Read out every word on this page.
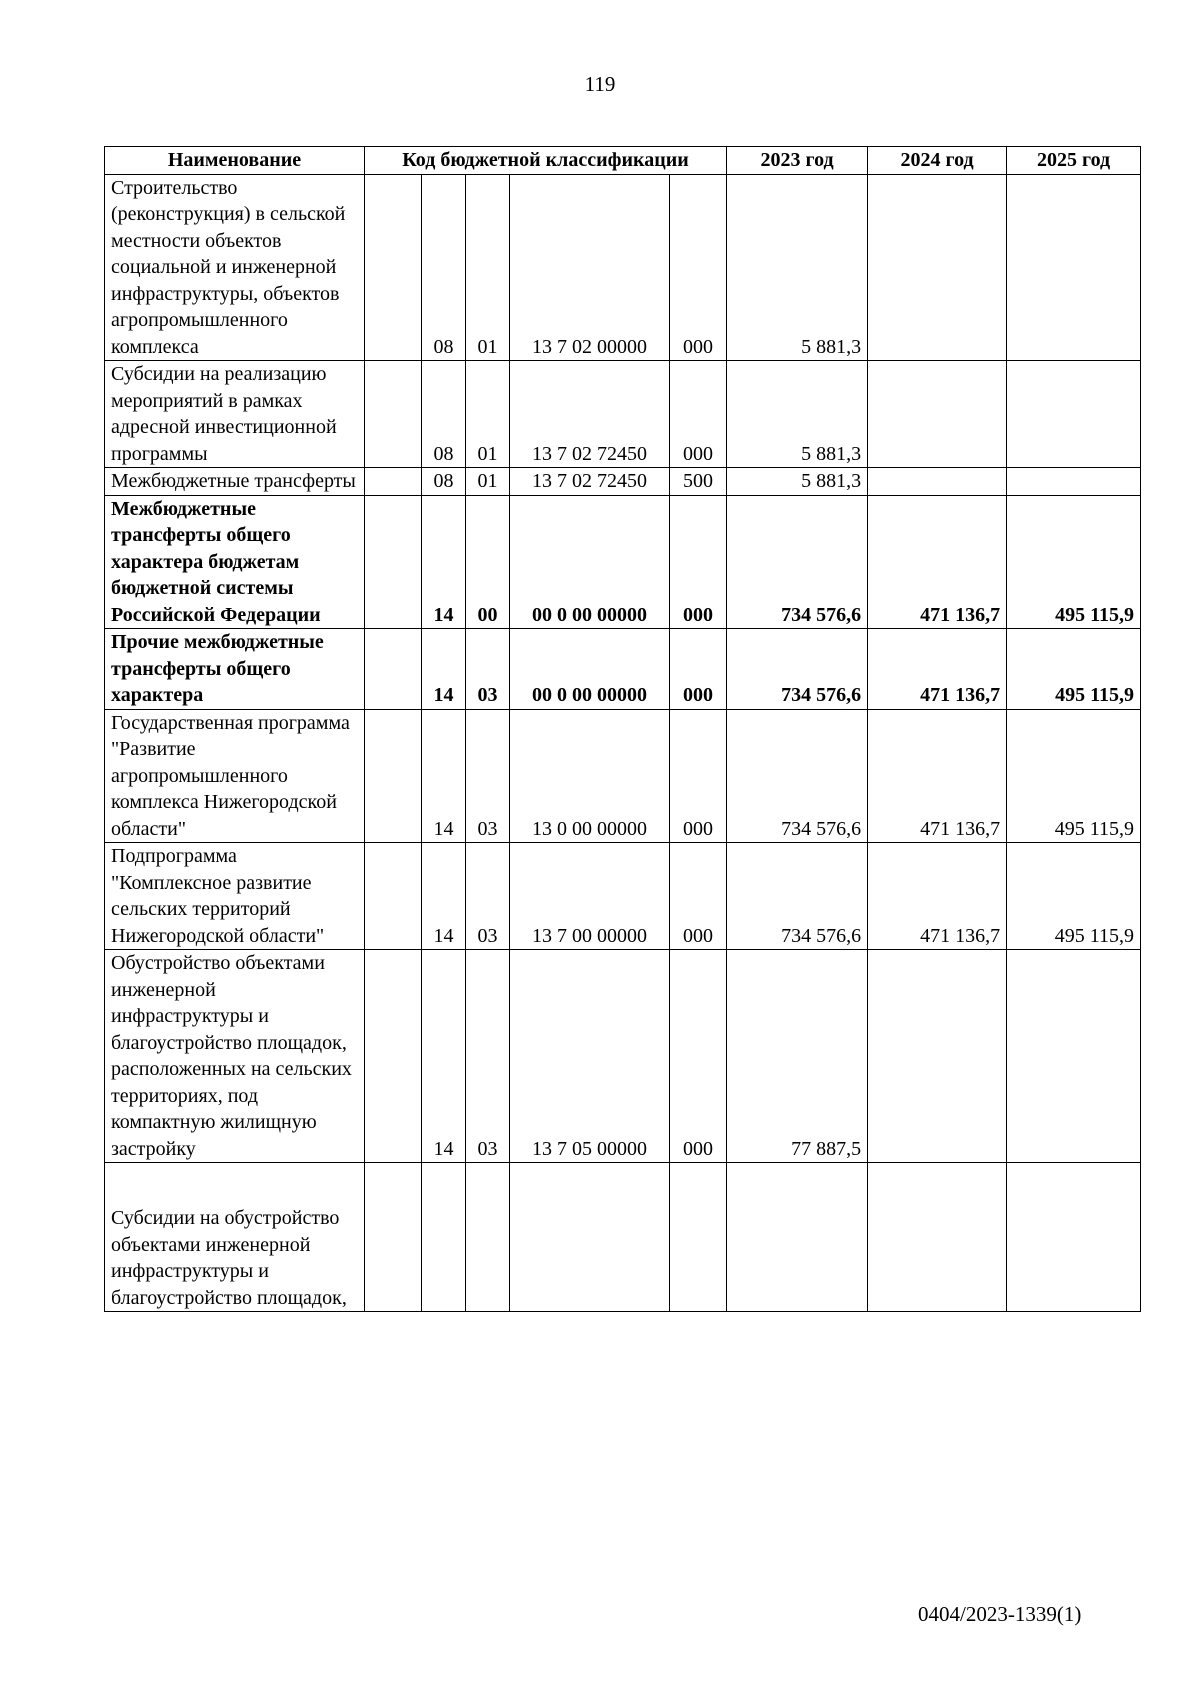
119
Наименование	Код бюджетной классификации					2023 год	2024 год	2025 год
Строительство (реконструкция) в сельской местности объектов социальной и инженерной инфраструктуры, объектов агропромышленного комплекса		08	01	13 7 02 00000	000	5 881,3		
Субсидии на реализацию мероприятий в рамках адресной инвестиционной программы		08	01	13 7 02 72450	000	5 881,3		
Межбюджетные трансферты		08	01	13 7 02 72450	500	5 881,3		
Межбюджетные трансферты общего характера бюджетам бюджетной системы Российской Федерации		14	00	00 0 00 00000	000	734 576,6	471 136,7	495 115,9
Прочие межбюджетные трансферты общего характера		14	03	00 0 00 00000	000	734 576,6	471 136,7	495 115,9
Государственная программа "Развитие агропромышленного комплекса Нижегородской области"		14	03	13 0 00 00000	000	734 576,6	471 136,7	495 115,9
Подпрограмма "Комплексное развитие сельских территорий Нижегородской области"		14	03	13 7 00 00000	000	734 576,6	471 136,7	495 115,9
Обустройство объектами инженерной инфраструктуры и благоустройство площадок, расположенных на сельских территориях, под компактную жилищную застройку		14	03	13 7 05 00000	000	77 887,5		
Субсидии на обустройство объектами инженерной инфраструктуры и благоустройство площадок,								
0404/2023-1339(1)
